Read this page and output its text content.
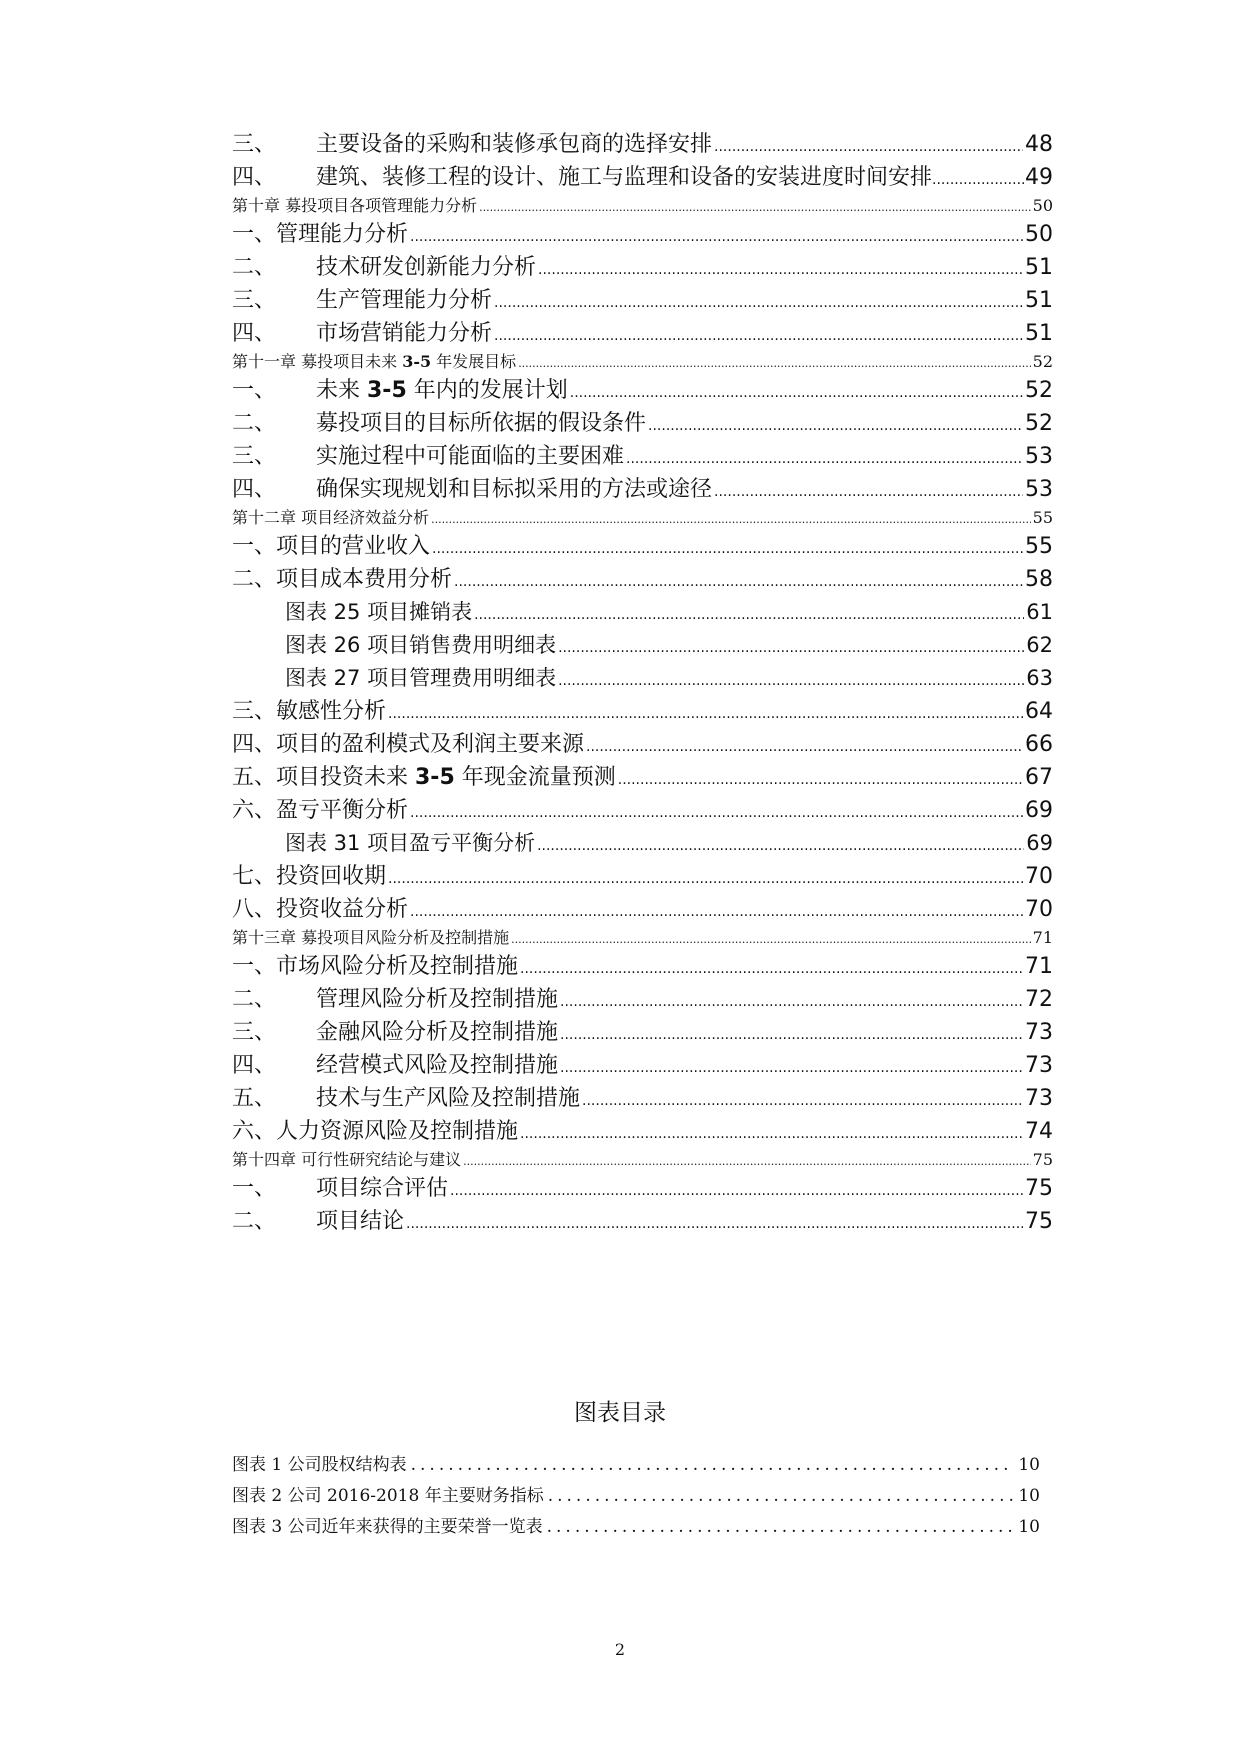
三、	主要设备的采购和装修承包商的选择安排 .....	48
四、	建筑、装修工程的设计、施工与监理和设备的安装进度时间安排 .....	49
第十章 募投项目各项管理能力分析 .....	50
一、管理能力分析 .....	50
二、	技术研发创新能力分析 .....	51
三、	生产管理能力分析 .....	51
四、	市场营销能力分析 .....	51
第十一章 募投项目未来 3-5 年发展目标 .....	52
一、	未来 3-5 年内的发展计划 .....	52
二、	募投项目的目标所依据的假设条件 .....	52
三、	实施过程中可能面临的主要困难 .....	53
四、	确保实现规划和目标拟采用的方法或途径 .....	53
第十二章 项目经济效益分析 .....	55
一、项目的营业收入 .....	55
二、项目成本费用分析 .....	58
图表 25 项目摊销表 .....	61
图表 26 项目销售费用明细表 .....	62
图表 27 项目管理费用明细表 .....	63
三、敏感性分析 .....	64
四、项目的盈利模式及利润主要来源 .....	66
五、项目投资未来 3-5 年现金流量预测 .....	67
六、盈亏平衡分析 .....	69
图表 31 项目盈亏平衡分析 .....	69
七、投资回收期 .....	70
八、投资收益分析 .....	70
第十三章 募投项目风险分析及控制措施 .....	71
一、市场风险分析及控制措施 .....	71
二、	管理风险分析及控制措施 .....	72
三、	金融风险分析及控制措施 .....	73
四、	经营模式风险及控制措施 .....	73
五、	技术与生产风险及控制措施 .....	73
六、人力资源风险及控制措施 .....	74
第十四章 可行性研究结论与建议 .....	75
一、	项目综合评估 .....	75
二、	项目结论 .....	75
图表目录
图表 1 公司股权结构表 .....	10
图表 2 公司 2016-2018 年主要财务指标 .....	10
图表 3 公司近年来获得的主要荣誉一览表 .....	10
2
